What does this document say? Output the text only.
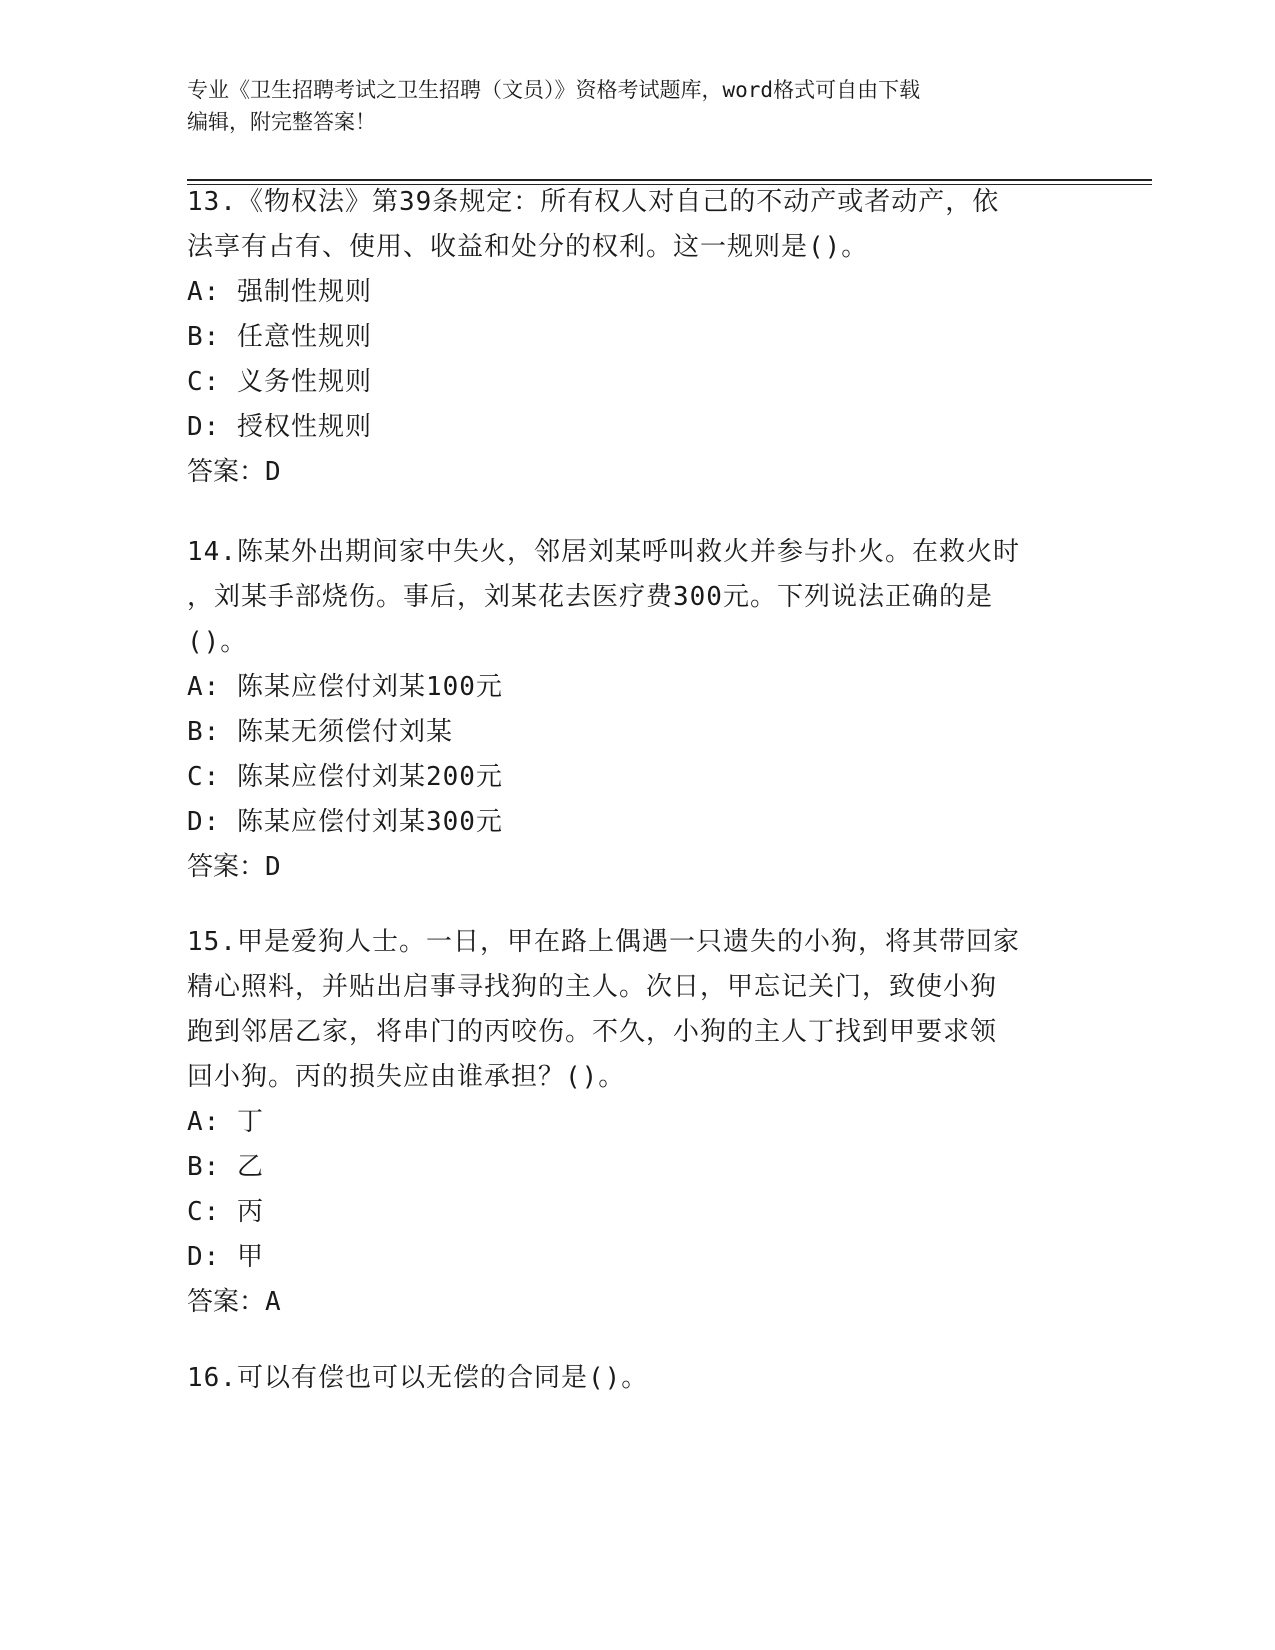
专业《卫生招聘考试之卫生招聘（文员）》资格考试题库，word格式可自由下载
编辑，附完整答案！
13.《物权法》第39条规定：所有权人对自己的不动产或者动产，依
法享有占有、使用、收益和处分的权利。这一规则是()。
A: 强制性规则
B: 任意性规则
C: 义务性规则
D: 授权性规则
答案：D
14.陈某外出期间家中失火，邻居刘某呼叫救火并参与扑火。在救火时
，刘某手部烧伤。事后，刘某花去医疗费300元。下列说法正确的是
()。
A: 陈某应偿付刘某100元
B: 陈某无须偿付刘某
C: 陈某应偿付刘某200元
D: 陈某应偿付刘某300元
答案：D
15.甲是爱狗人士。一日，甲在路上偶遇一只遗失的小狗，将其带回家
精心照料，并贴出启事寻找狗的主人。次日，甲忘记关门，致使小狗
跑到邻居乙家，将串门的丙咬伤。不久，小狗的主人丁找到甲要求领
回小狗。丙的损失应由谁承担？()。
A: 丁
B: 乙
C: 丙
D: 甲
答案：A
16.可以有偿也可以无偿的合同是()。
